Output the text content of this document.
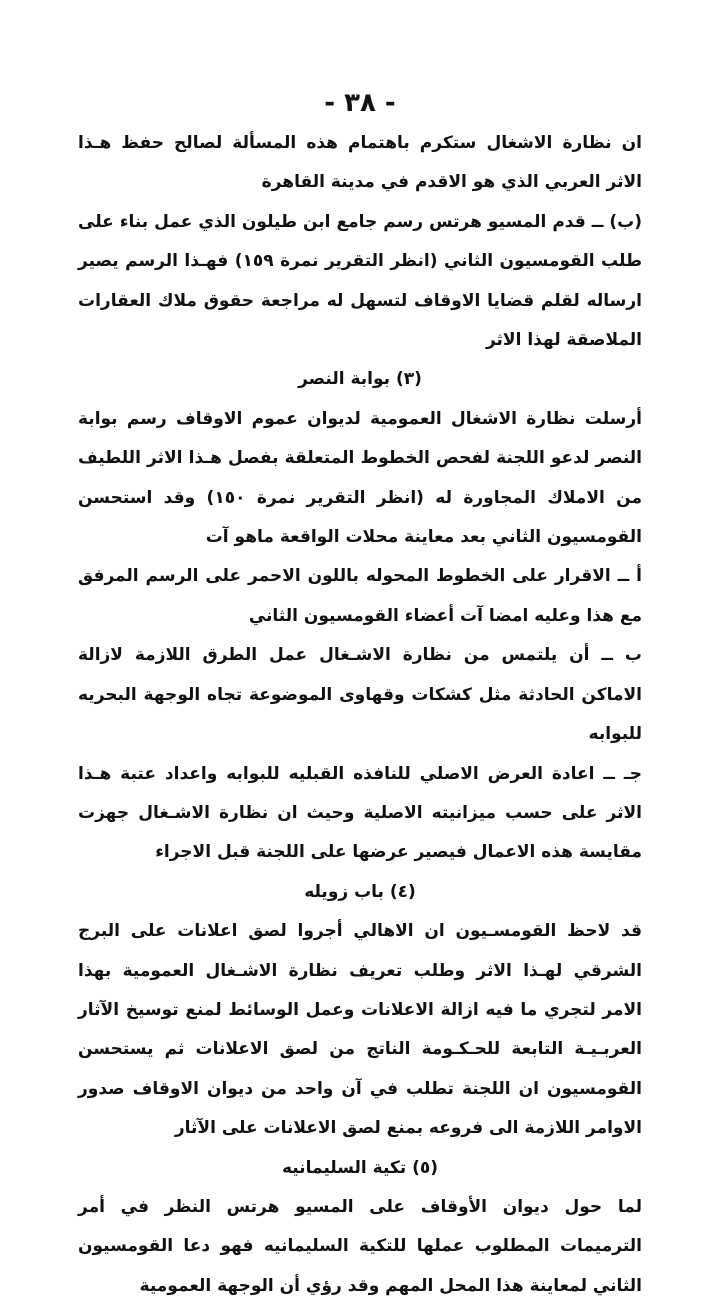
- ٣٨ -

ان نظارة الاشغال ستكرم باهتمام هذه المسألة لصالح حفظ هـذا الاثر العربي الذي هو الاقدم في مدينة القاهرة

(ب) ــ قدم المسيو هرتس رسم جامع ابن طيلون الذي عمل بناء على طلب القومسيون الثاني (انظر التقرير نمرة ١٥٩) فهـذا الرسم يصير ارساله لقلم قضايا الاوقاف لتسهل له مراجعة حقوق ملاك العقارات الملاصقة لهذا الاثر

(٣) بوابة النصر

أرسلت نظارة الاشغال العمومية لديوان عموم الاوقاف رسم بوابة النصر لدعو اللجنة لفحص الخطوط المتعلقة بفصل هـذا الاثر اللطيف من الاملاك المجاورة له (انظر التقرير نمرة ١٥٠) وقد استحسن القومسيون الثاني بعد معاينة محلات الواقعة ماهو آت

أ ــ الاقرار على الخطوط المحوله باللون الاحمر على الرسم المرفق مع هذا وعليه امضا آت أعضاء القومسيون الثاني

ب ــ أن يلتمس من نظارة الاشـغال عمل الطرق اللازمة لازالة الاماكن الحادثة مثل كشكات وقهاوى الموضوعة تجاه الوجهة البحريه للبوابه

جـ ــ اعادة العرض الاصلي للنافذه القبليه للبوابه واعداد عتبة هـذا الاثر على حسب ميزانيته الاصلية وحيث ان نظارة الاشـغال جهزت مقايسة هذه الاعمال فيصير عرضها على اللجنة قبل الاجراء

(٤) باب زويله

قد لاحظ القومسـيون ان الاهالي أجروا لصق اعلانات على البرج الشرقي لهـذا الاثر وطلب تعريف نظارة الاشـغال العمومية بهذا الامر لتجري ما فيه ازالة الاعلانات وعمل الوسائط لمنع توسيخ الآثار العربـيـة التابعة للحـكـومة الناتج من لصق الاعلانات ثم يستحسن القومسيون ان اللجنة تطلب في آن واحد من ديوان الاوقاف صدور الاوامر اللازمة الى فروعه بمنع لصق الاعلانات على الآثار

(٥) تكية السليمانيه

لما حول ديوان الأوقاف على المسيو هرتس النظر في أمر الترميمات المطلوب عملها للتكية السليمانيه فهو دعا القومسيون الثاني لمعاينة هذا المحل المهم وقد رؤي أن الوجهة العمومية
